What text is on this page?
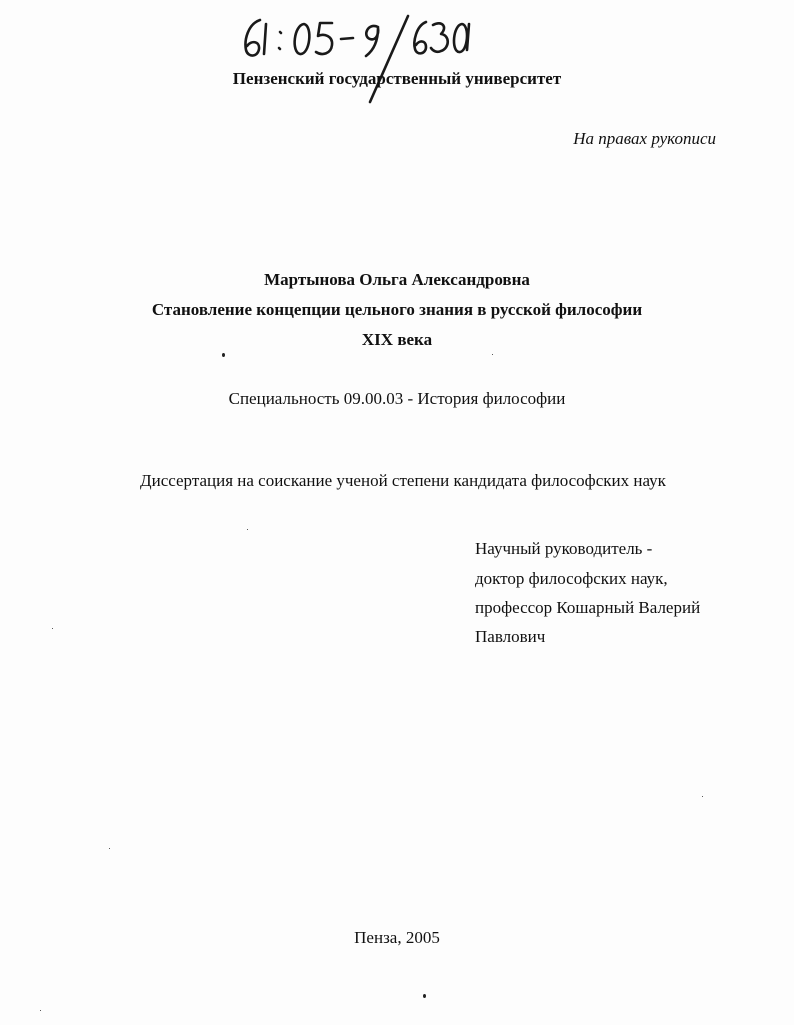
Пензенский государственный университет
На правах рукописи
Мартынова Ольга Александровна
Становление концепции цельного знания в русской философии
XIX века
Специальность 09.00.03 - История философии
Диссертация на соискание ученой степени кандидата философских наук
Научный руководитель -
доктор философских наук,
профессор Кошарный Валерий
Павлович
Пенза, 2005
